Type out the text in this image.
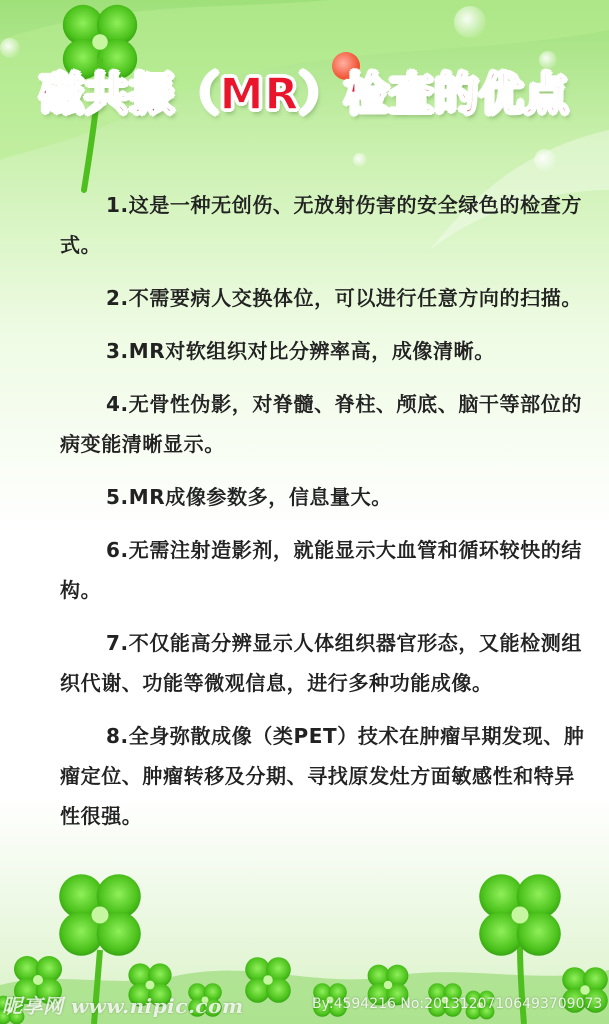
磁共振（MR）检查的优点

1.这是一种无创伤、无放射伤害的安全绿色的检查方式。

2.不需要病人交换体位，可以进行任意方向的扫描。

3.MR对软组织对比分辨率高，成像清晰。

4.无骨性伪影，对脊髓、脊柱、颅底、脑干等部位的病变能清晰显示。

5.MR成像参数多，信息量大。

6.无需注射造影剂，就能显示大血管和循环较快的结构。

7.不仅能高分辨显示人体组织器官形态，又能检测组织代谢、功能等微观信息，进行多种功能成像。

8.全身弥散成像（类PET）技术在肿瘤早期发现、肿瘤定位、肿瘤转移及分期、寻找原发灶方面敏感性和特异性很强。

昵享网 www.nipic.com	By:4594216 No:20131207106493709073
